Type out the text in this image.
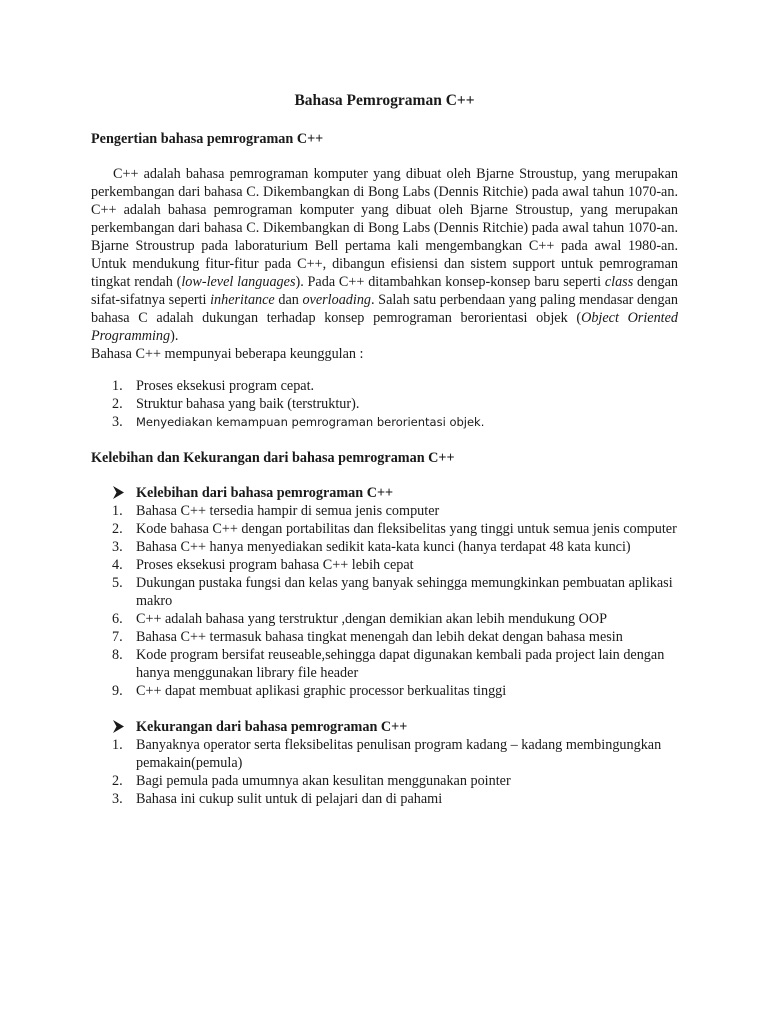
Bahasa Pemrograman C++
Pengertian bahasa pemrograman C++

C++ adalah bahasa pemrograman komputer yang dibuat oleh Bjarne Stroustup, yang merupakan perkembangan dari bahasa C. Dikembangkan di Bong Labs (Dennis Ritchie) pada awal tahun 1070-an. C++ adalah bahasa pemrograman komputer yang dibuat oleh Bjarne Stroustup, yang merupakan perkembangan dari bahasa C. Dikembangkan di Bong Labs (Dennis Ritchie) pada awal tahun 1070-an. Bjarne Stroustrup pada laboraturium Bell pertama kali mengembangkan C++ pada awal 1980-an. Untuk mendukung fitur-fitur pada C++, dibangun efisiensi dan sistem support untuk pemrograman tingkat rendah (low-level languages). Pada C++ ditambahkan konsep-konsep baru seperti class dengan sifat-sifatnya seperti inheritance dan overloading. Salah satu perbendaan yang paling mendasar dengan bahasa C adalah dukungan terhadap konsep pemrograman berorientasi objek (Object Oriented Programming).

Bahasa C++ mempunyai beberapa keunggulan :
1. Proses eksekusi program cepat.
2. Struktur bahasa yang baik (terstruktur).
3. Menyediakan kemampuan pemrograman berorientasi objek.
Kelebihan dan Kekurangan dari bahasa pemrograman C++
Kelebihan dari bahasa pemrograman C++
1. Bahasa C++ tersedia hampir di semua jenis computer
2. Kode bahasa C++ dengan portabilitas dan fleksibelitas yang tinggi untuk semua jenis computer
3. Bahasa C++ hanya menyediakan sedikit kata-kata kunci (hanya terdapat 48 kata kunci)
4. Proses eksekusi program bahasa C++ lebih cepat
5. Dukungan pustaka fungsi dan kelas yang banyak sehingga memungkinkan pembuatan aplikasi makro
6. C++ adalah bahasa yang terstruktur ,dengan demikian akan lebih mendukung OOP
7. Bahasa C++ termasuk bahasa tingkat menengah dan lebih dekat dengan bahasa mesin
8. Kode program bersifat reuseable,sehingga dapat digunakan kembali pada project lain dengan hanya menggunakan library file header
9. C++ dapat membuat aplikasi graphic processor berkualitas tinggi
Kekurangan dari bahasa pemrograman C++
1. Banyaknya operator serta fleksibelitas penulisan program kadang – kadang membingungkan pemakain(pemula)
2. Bagi pemula pada umumnya akan kesulitan menggunakan pointer
3. Bahasa ini cukup sulit untuk di pelajari dan di pahami
